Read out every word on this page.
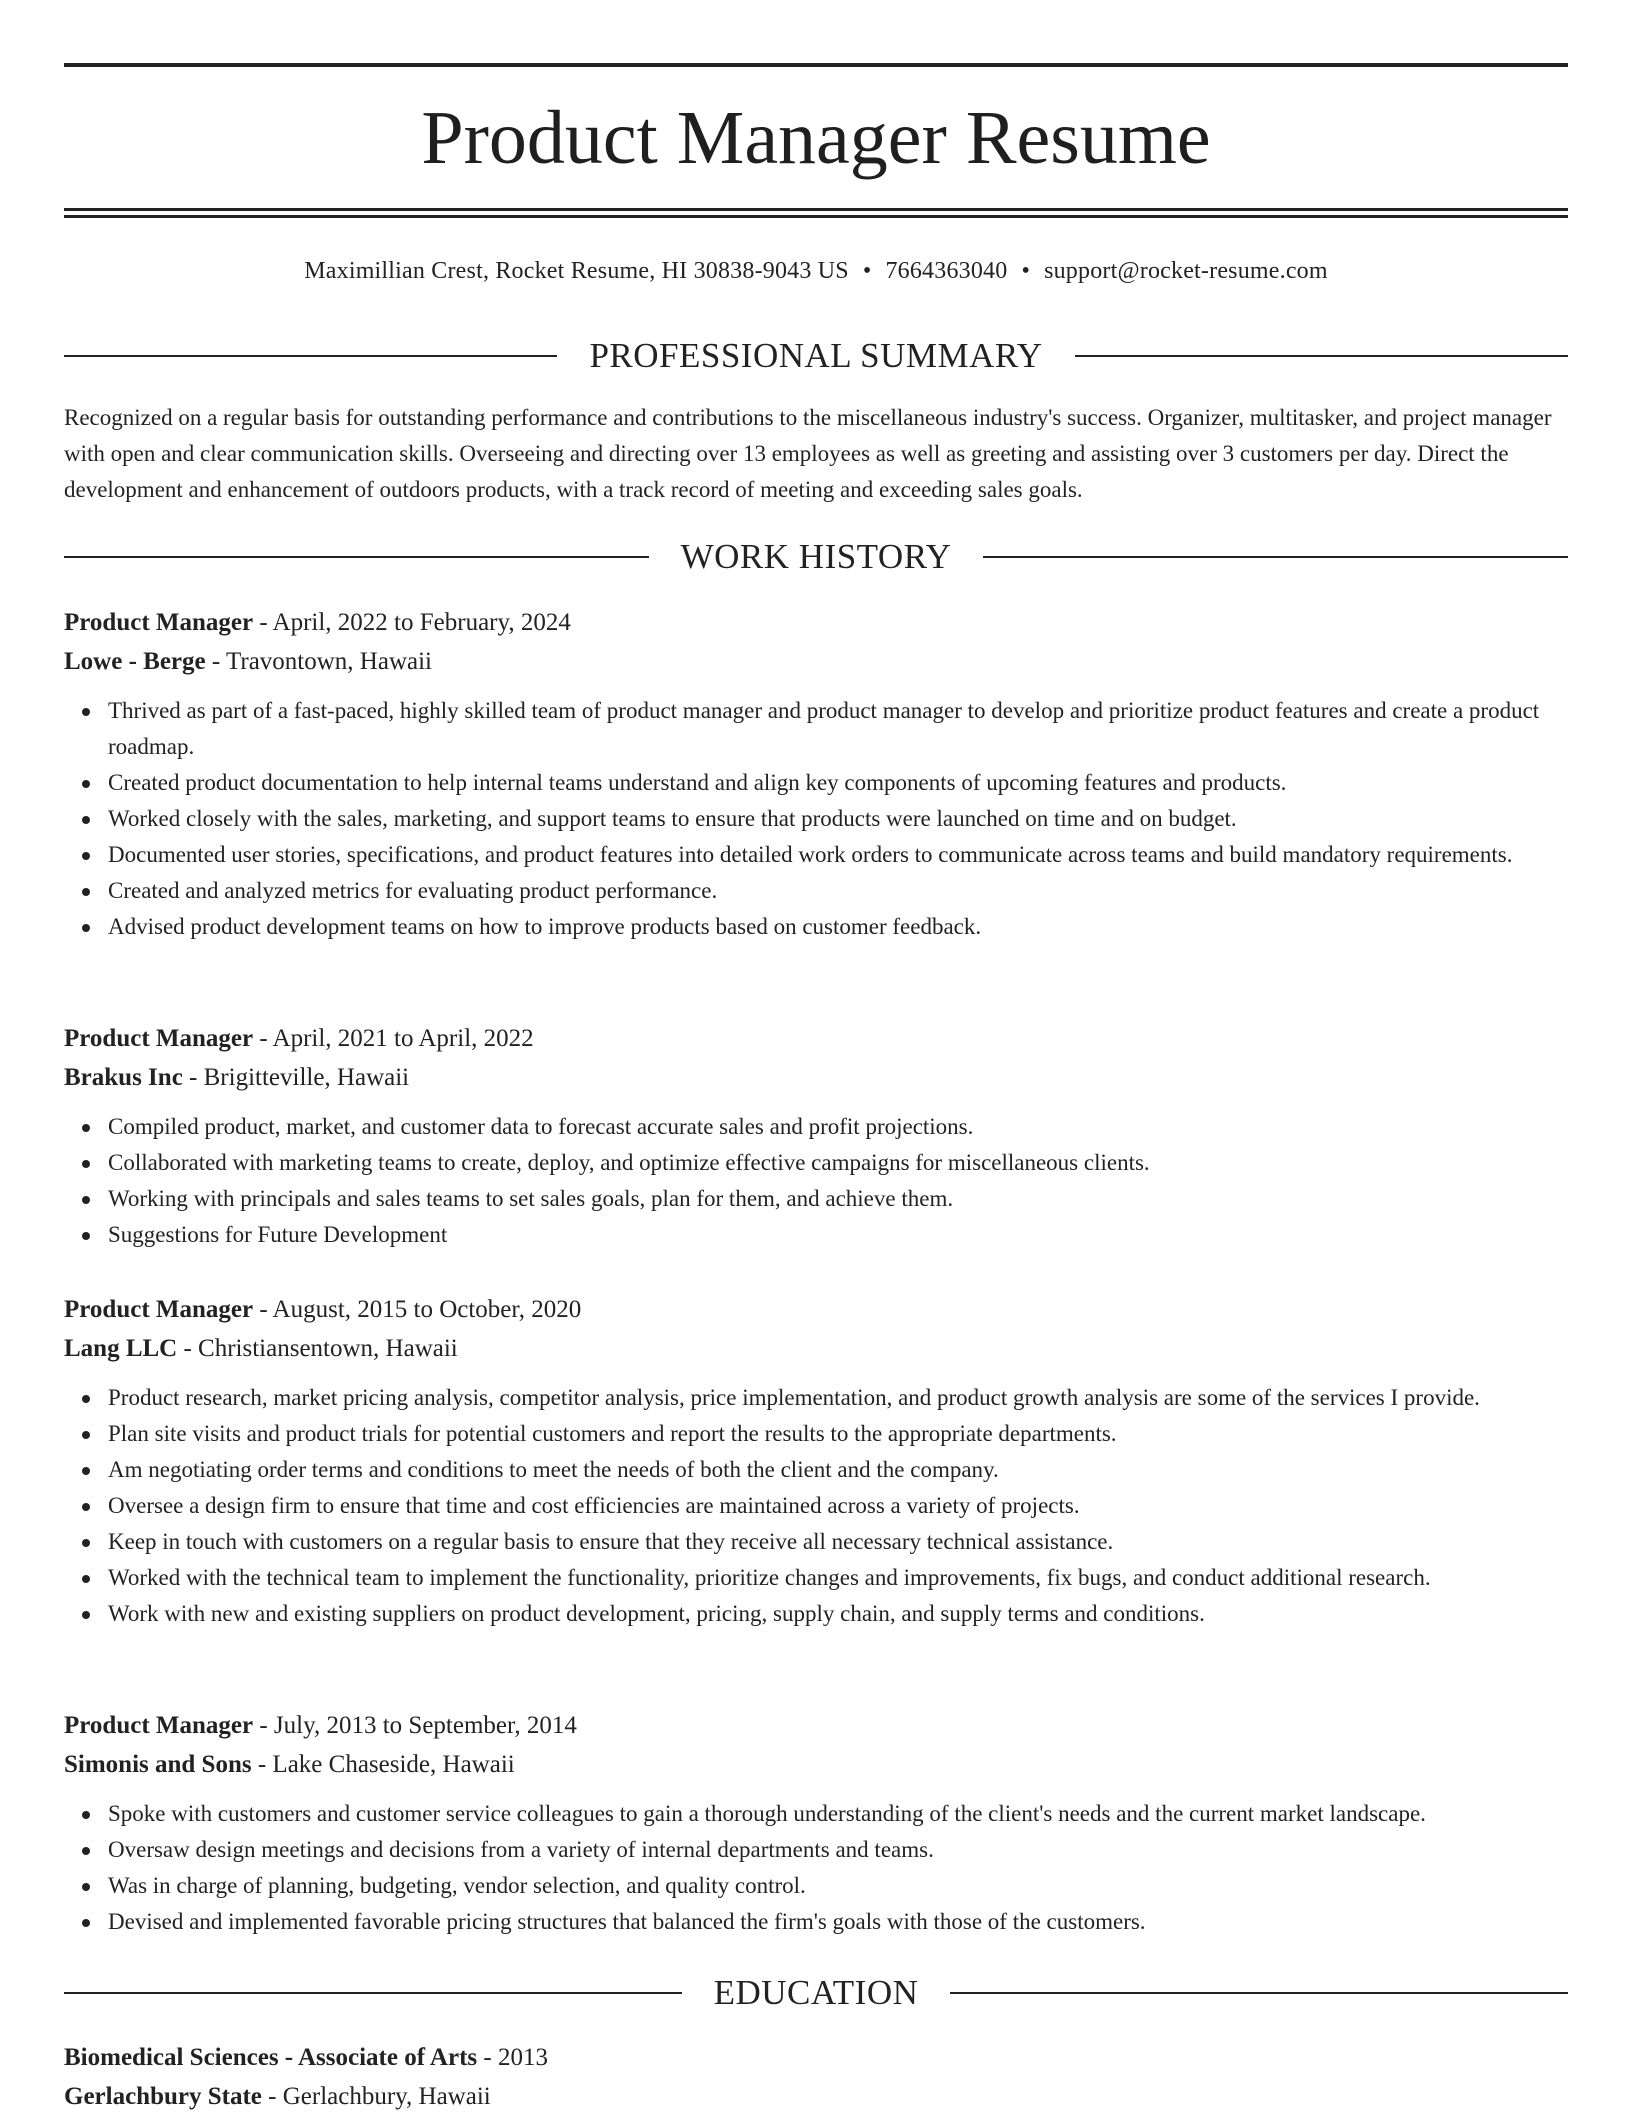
Product Manager Resume
Maximillian Crest, Rocket Resume, HI 30838-9043 US • 7664363040 • support@rocket-resume.com
PROFESSIONAL SUMMARY

Recognized on a regular basis for outstanding performance and contributions to the miscellaneous industry's success. Organizer, multitasker, and project manager with open and clear communication skills. Overseeing and directing over 13 employees as well as greeting and assisting over 3 customers per day. Direct the development and enhancement of outdoors products, with a track record of meeting and exceeding sales goals.

WORK HISTORY
Product Manager - April, 2022 to February, 2024
Lowe - Berge - Travontown, Hawaii
Thrived as part of a fast-paced, highly skilled team of product manager and product manager to develop and prioritize product features and create a product roadmap.
Created product documentation to help internal teams understand and align key components of upcoming features and products.
Worked closely with the sales, marketing, and support teams to ensure that products were launched on time and on budget.
Documented user stories, specifications, and product features into detailed work orders to communicate across teams and build mandatory requirements.
Created and analyzed metrics for evaluating product performance.
Advised product development teams on how to improve products based on customer feedback.
Product Manager - April, 2021 to April, 2022
Brakus Inc - Brigitteville, Hawaii
Compiled product, market, and customer data to forecast accurate sales and profit projections.
Collaborated with marketing teams to create, deploy, and optimize effective campaigns for miscellaneous clients.
Working with principals and sales teams to set sales goals, plan for them, and achieve them.
Suggestions for Future Development
Product Manager - August, 2015 to October, 2020
Lang LLC - Christiansentown, Hawaii
Product research, market pricing analysis, competitor analysis, price implementation, and product growth analysis are some of the services I provide.
Plan site visits and product trials for potential customers and report the results to the appropriate departments.
Am negotiating order terms and conditions to meet the needs of both the client and the company.
Oversee a design firm to ensure that time and cost efficiencies are maintained across a variety of projects.
Keep in touch with customers on a regular basis to ensure that they receive all necessary technical assistance.
Worked with the technical team to implement the functionality, prioritize changes and improvements, fix bugs, and conduct additional research.
Work with new and existing suppliers on product development, pricing, supply chain, and supply terms and conditions.
Product Manager - July, 2013 to September, 2014
Simonis and Sons - Lake Chaseside, Hawaii
Spoke with customers and customer service colleagues to gain a thorough understanding of the client's needs and the current market landscape.
Oversaw design meetings and decisions from a variety of internal departments and teams.
Was in charge of planning, budgeting, vendor selection, and quality control.
Devised and implemented favorable pricing structures that balanced the firm's goals with those of the customers.
EDUCATION
Biomedical Sciences - Associate of Arts - 2013
Gerlachbury State - Gerlachbury, Hawaii
